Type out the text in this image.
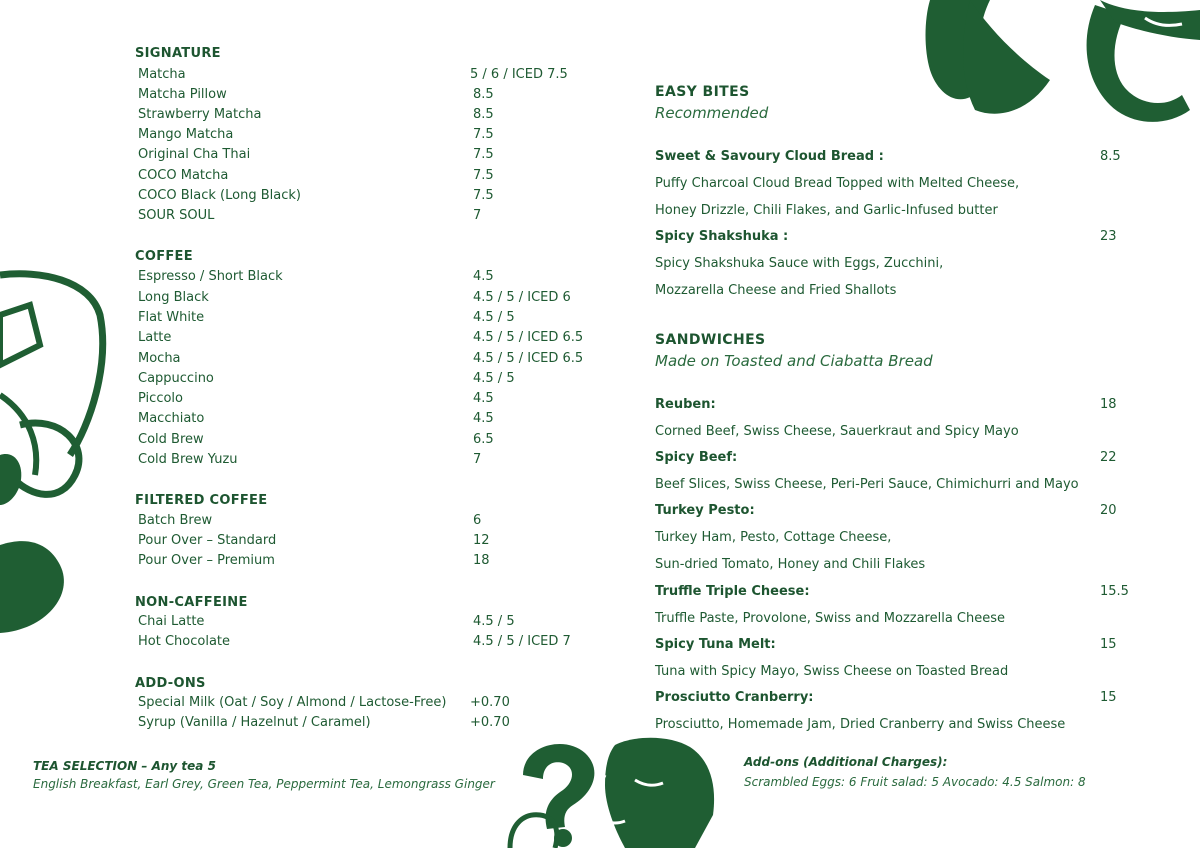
SIGNATURE
Matcha	5 / 6 / ICED 7.5
Matcha Pillow	8.5
Strawberry Matcha	8.5
Mango Matcha	7.5
Original Cha Thai	7.5
COCO Matcha	7.5
COCO Black (Long Black)	7.5
SOUR SOUL	7
COFFEE
Espresso / Short Black	4.5
Long Black	4.5 / 5 / ICED 6
Flat White	4.5 / 5
Latte	4.5 / 5 / ICED 6.5
Mocha	4.5 / 5 / ICED 6.5
Cappuccino	4.5 / 5
Piccolo	4.5
Macchiato	4.5
Cold Brew	6.5
Cold Brew Yuzu	7
FILTERED COFFEE
Batch Brew	6
Pour Over – Standard	12
Pour Over – Premium	18
NON-CAFFEINE
Chai Latte	4.5 / 5
Hot Chocolate	4.5 / 5 / ICED 7
ADD-ONS
Special Milk (Oat / Soy / Almond / Lactose-Free) +0.70
Syrup (Vanilla / Hazelnut / Caramel)	+0.70
EASY BITES
Recommended
Sweet & Savoury Cloud Bread :	8.5
Puffy Charcoal Cloud Bread Topped with Melted Cheese,
Honey Drizzle, Chili Flakes, and Garlic-Infused butter
Spicy Shakshuka :	23
Spicy Shakshuka Sauce with Eggs, Zucchini,
Mozzarella Cheese and Fried Shallots
SANDWICHES
Made on Toasted and Ciabatta Bread
Reuben:	18
Corned Beef, Swiss Cheese, Sauerkraut and Spicy Mayo
Spicy Beef:	22
Beef Slices, Swiss Cheese, Peri-Peri Sauce, Chimichurri and Mayo
Turkey Pesto:	20
Turkey Ham, Pesto, Cottage Cheese,
Sun-dried Tomato, Honey and Chili Flakes
Truffle Triple Cheese:	15.5
Truffle Paste, Provolone, Swiss and Mozzarella Cheese
Spicy Tuna Melt:	15
Tuna with Spicy Mayo, Swiss Cheese on Toasted Bread
Prosciutto Cranberry:	15
Prosciutto, Homemade Jam, Dried Cranberry and Swiss Cheese
TEA SELECTION – Any tea 5
English Breakfast, Earl Grey, Green Tea, Peppermint Tea, Lemongrass Ginger
Add-ons (Additional Charges):
Scrambled Eggs: 6 Fruit salad: 5 Avocado: 4.5 Salmon: 8
